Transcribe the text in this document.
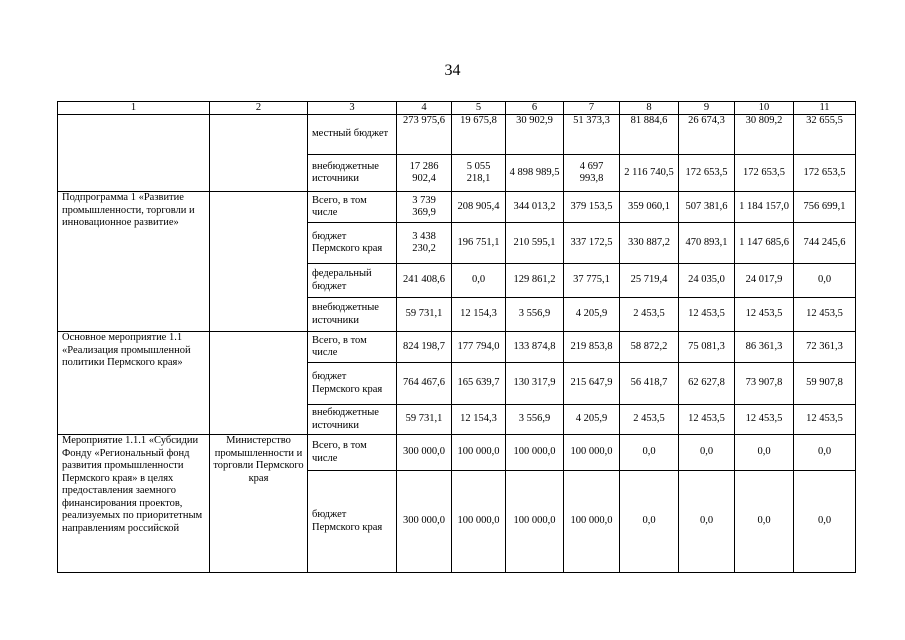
34
1	2	3	4	5	6	7	8	9	10	11
		местный бюджет	273 975,6	19 675,8	30 902,9	51 373,3	81 884,6	26 674,3	30 809,2	32 655,5
		внебюджетные источники	17 286 902,4	5 055 218,1	4 898 989,5	4 697 993,8	2 116 740,5	172 653,5	172 653,5	172 653,5
Подпрограмма 1 «Развитие промышленности, торговли и инновационное развитие»		Всего, в том числе	3 739 369,9	208 905,4	344 013,2	379 153,5	359 060,1	507 381,6	1 184 157,0	756 699,1
		бюджет Пермского края	3 438 230,2	196 751,1	210 595,1	337 172,5	330 887,2	470 893,1	1 147 685,6	744 245,6
		федеральный бюджет	241 408,6	0,0	129 861,2	37 775,1	25 719,4	24 035,0	24 017,9	0,0
		внебюджетные источники	59 731,1	12 154,3	3 556,9	4 205,9	2 453,5	12 453,5	12 453,5	12 453,5
Основное мероприятие 1.1 «Реализация промышленной политики Пермского края»		Всего, в том числе	824 198,7	177 794,0	133 874,8	219 853,8	58 872,2	75 081,3	86 361,3	72 361,3
		бюджет Пермского края	764 467,6	165 639,7	130 317,9	215 647,9	56 418,7	62 627,8	73 907,8	59 907,8
		внебюджетные источники	59 731,1	12 154,3	3 556,9	4 205,9	2 453,5	12 453,5	12 453,5	12 453,5
Мероприятие 1.1.1 «Субсидии Фонду «Региональный фонд развития промышленности Пермского края» в целях предоставления заемного финансирования проектов, реализуемых по приоритетным направлениям российской	Министерство промышленности и торговли Пермского края	Всего, в том числе	300 000,0	100 000,0	100 000,0	100 000,0	0,0	0,0	0,0	0,0
		бюджет Пермского края	300 000,0	100 000,0	100 000,0	100 000,0	0,0	0,0	0,0	0,0
